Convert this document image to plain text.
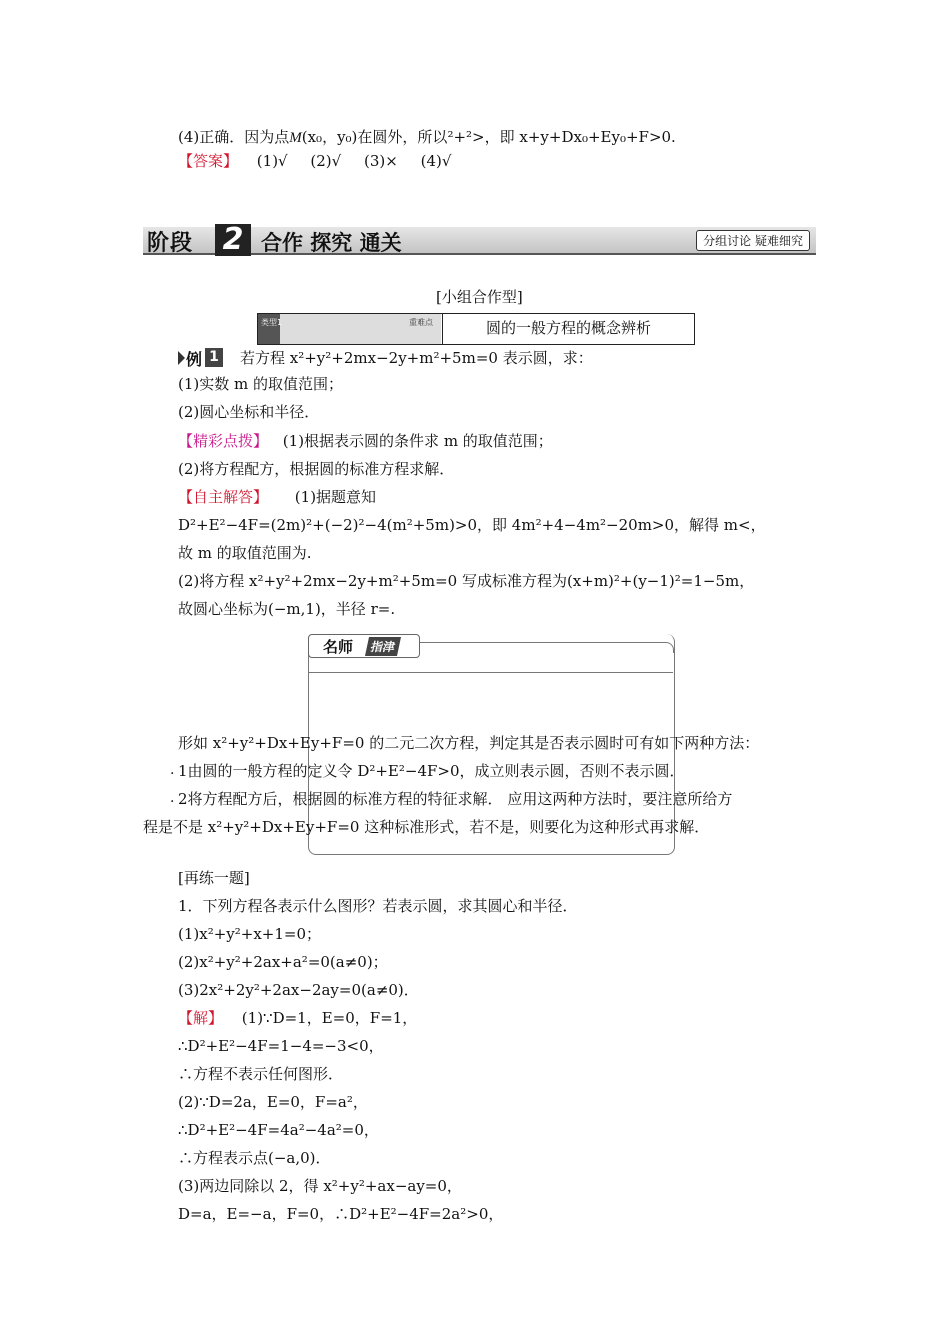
(4)正确．因为点M(x₀，y₀)在圆外，所以²+²>，即 x+y+Dx₀+Ey₀+F>0.
【答案】 (1)√ (2)√ (3)× (4)√
阶段 2 合作 探究 通关	分组讨论 疑难细究
[小组合作型]
类型1	重难点	圆的一般方程的概念辨析
例 1 若方程 x²+y²+2mx−2y+m²+5m=0 表示圆，求：
(1)实数 m 的取值范围；
(2)圆心坐标和半径．
【精彩点拨】 (1)根据表示圆的条件求 m 的取值范围；
(2)将方程配方，根据圆的标准方程求解．
【自主解答】 (1)据题意知
D²+E²−4F=(2m)²+(−2)²−4(m²+5m)>0，即 4m²+4−4m²−20m>0，解得 m<，
故 m 的取值范围为.
(2)将方程 x²+y²+2mx−2y+m²+5m=0 写成标准方程为(x+m)²+(y−1)²=1−5m，
故圆心坐标为(−m,1)，半径 r=.
名师	指津
形如 x²+y²+Dx+Ey+F=0 的二元二次方程，判定其是否表示圆时可有如下两种方法：
. 1由圆的一般方程的定义令 D²+E²−4F>0，成立则表示圆，否则不表示圆．
. 2将方程配方后，根据圆的标准方程的特征求解． 应用这两种方法时，要注意所给方
程是不是 x²+y²+Dx+Ey+F=0 这种标准形式，若不是，则要化为这种形式再求解．
[再练一题]
1．下列方程各表示什么图形？若表示圆，求其圆心和半径．
(1)x²+y²+x+1=0；
(2)x²+y²+2ax+a²=0(a≠0)；
(3)2x²+2y²+2ax−2ay=0(a≠0)．
【解】 (1)∵D=1，E=0，F=1，
∴D²+E²−4F=1−4=−3<0，
∴方程不表示任何图形．
(2)∵D=2a，E=0，F=a²，
∴D²+E²−4F=4a²−4a²=0，
∴方程表示点(−a,0)．
(3)两边同除以 2，得 x²+y²+ax−ay=0，
D=a，E=−a，F=0，∴D²+E²−4F=2a²>0，
